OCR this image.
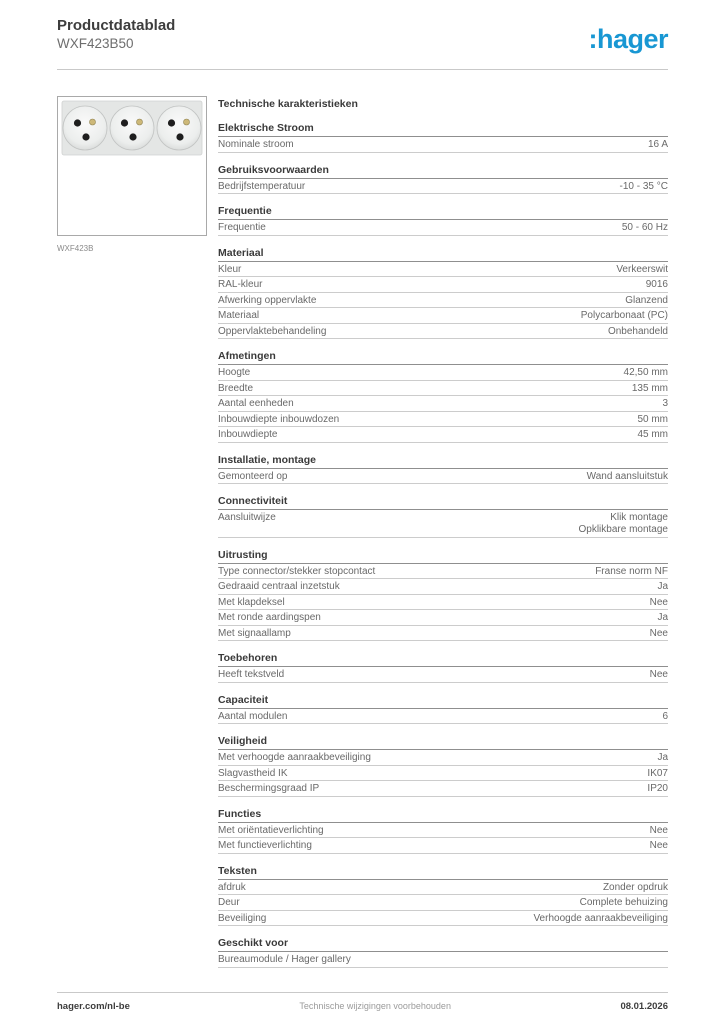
Productdatablad
WXF423B50	:hager
WXF423B
Technische karakteristieken
Elektrische Stroom
Nominale stroom	16 A
Gebruiksvoorwaarden
Bedrijfstemperatuur	-10 - 35 °C
Frequentie
Frequentie	50 - 60 Hz
Materiaal
Kleur	Verkeerswit
RAL-kleur	9016
Afwerking oppervlakte	Glanzend
Materiaal	Polycarbonaat (PC)
Oppervlaktebehandeling	Onbehandeld
Afmetingen
Hoogte	42,50 mm
Breedte	135 mm
Aantal eenheden	3
Inbouwdiepte inbouwdozen	50 mm
Inbouwdiepte	45 mm
Installatie, montage
Gemonteerd op	Wand aansluitstuk
Connectiviteit
Aansluitwijze	Klik montage
Opklikbare montage
Uitrusting
Type connector/stekker stopcontact	Franse norm NF
Gedraaid centraal inzetstuk	Ja
Met klapdeksel	Nee
Met ronde aardingspen	Ja
Met signaallamp	Nee
Toebehoren
Heeft tekstveld	Nee
Capaciteit
Aantal modulen	6
Veiligheid
Met verhoogde aanraakbeveiliging	Ja
Slagvastheid IK	IK07
Beschermingsgraad IP	IP20
Functies
Met oriëntatieverlichting	Nee
Met functieverlichting	Nee
Teksten
afdruk	Zonder opdruk
Deur	Complete behuizing
Beveiliging	Verhoogde aanraakbeveiliging
Geschikt voor
Bureaumodule / Hager gallery
hager.com/nl-be	Technische wijzigingen voorbehouden	08.01.2026
